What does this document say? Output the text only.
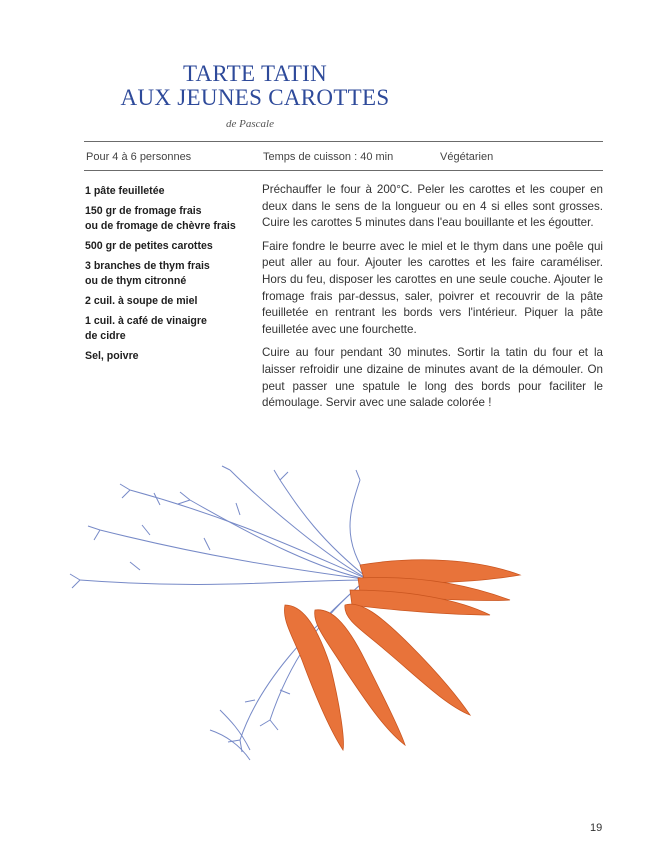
TARTE TATIN
AUX JEUNES CAROTTES
de Pascale
Pour 4 à 6 personnes	Temps de cuisson : 40 min	Végétarien
1 pâte feuilletée
150 gr de fromage frais
ou de fromage de chèvre frais
500 gr de petites carottes
3 branches de thym frais
ou de thym citronné
2 cuil. à soupe de miel
1 cuil. à café de vinaigre
de cidre
Sel, poivre

Préchauffer le four à 200°C. Peler les carottes et les couper en deux dans le sens de la longueur ou en 4 si elles sont grosses. Cuire les carottes 5 minutes dans l'eau bouillante et les égoutter.

Faire fondre le beurre avec le miel et le thym dans une poêle qui peut aller au four. Ajouter les carottes et les faire caraméliser. Hors du feu, disposer les carottes en une seule couche. Ajouter le fromage frais par-dessus, saler, poivrer et recouvrir de la pâte feuilletée en rentrant les bords vers l'intérieur. Piquer la pâte feuilletée avec une fourchette.

Cuire au four pendant 30 minutes. Sortir la tatin du four et la laisser refroidir une dizaine de minutes avant de la démouler. On peut passer une spatule le long des bords pour faciliter le démoulage. Servir avec une salade colorée !

19
